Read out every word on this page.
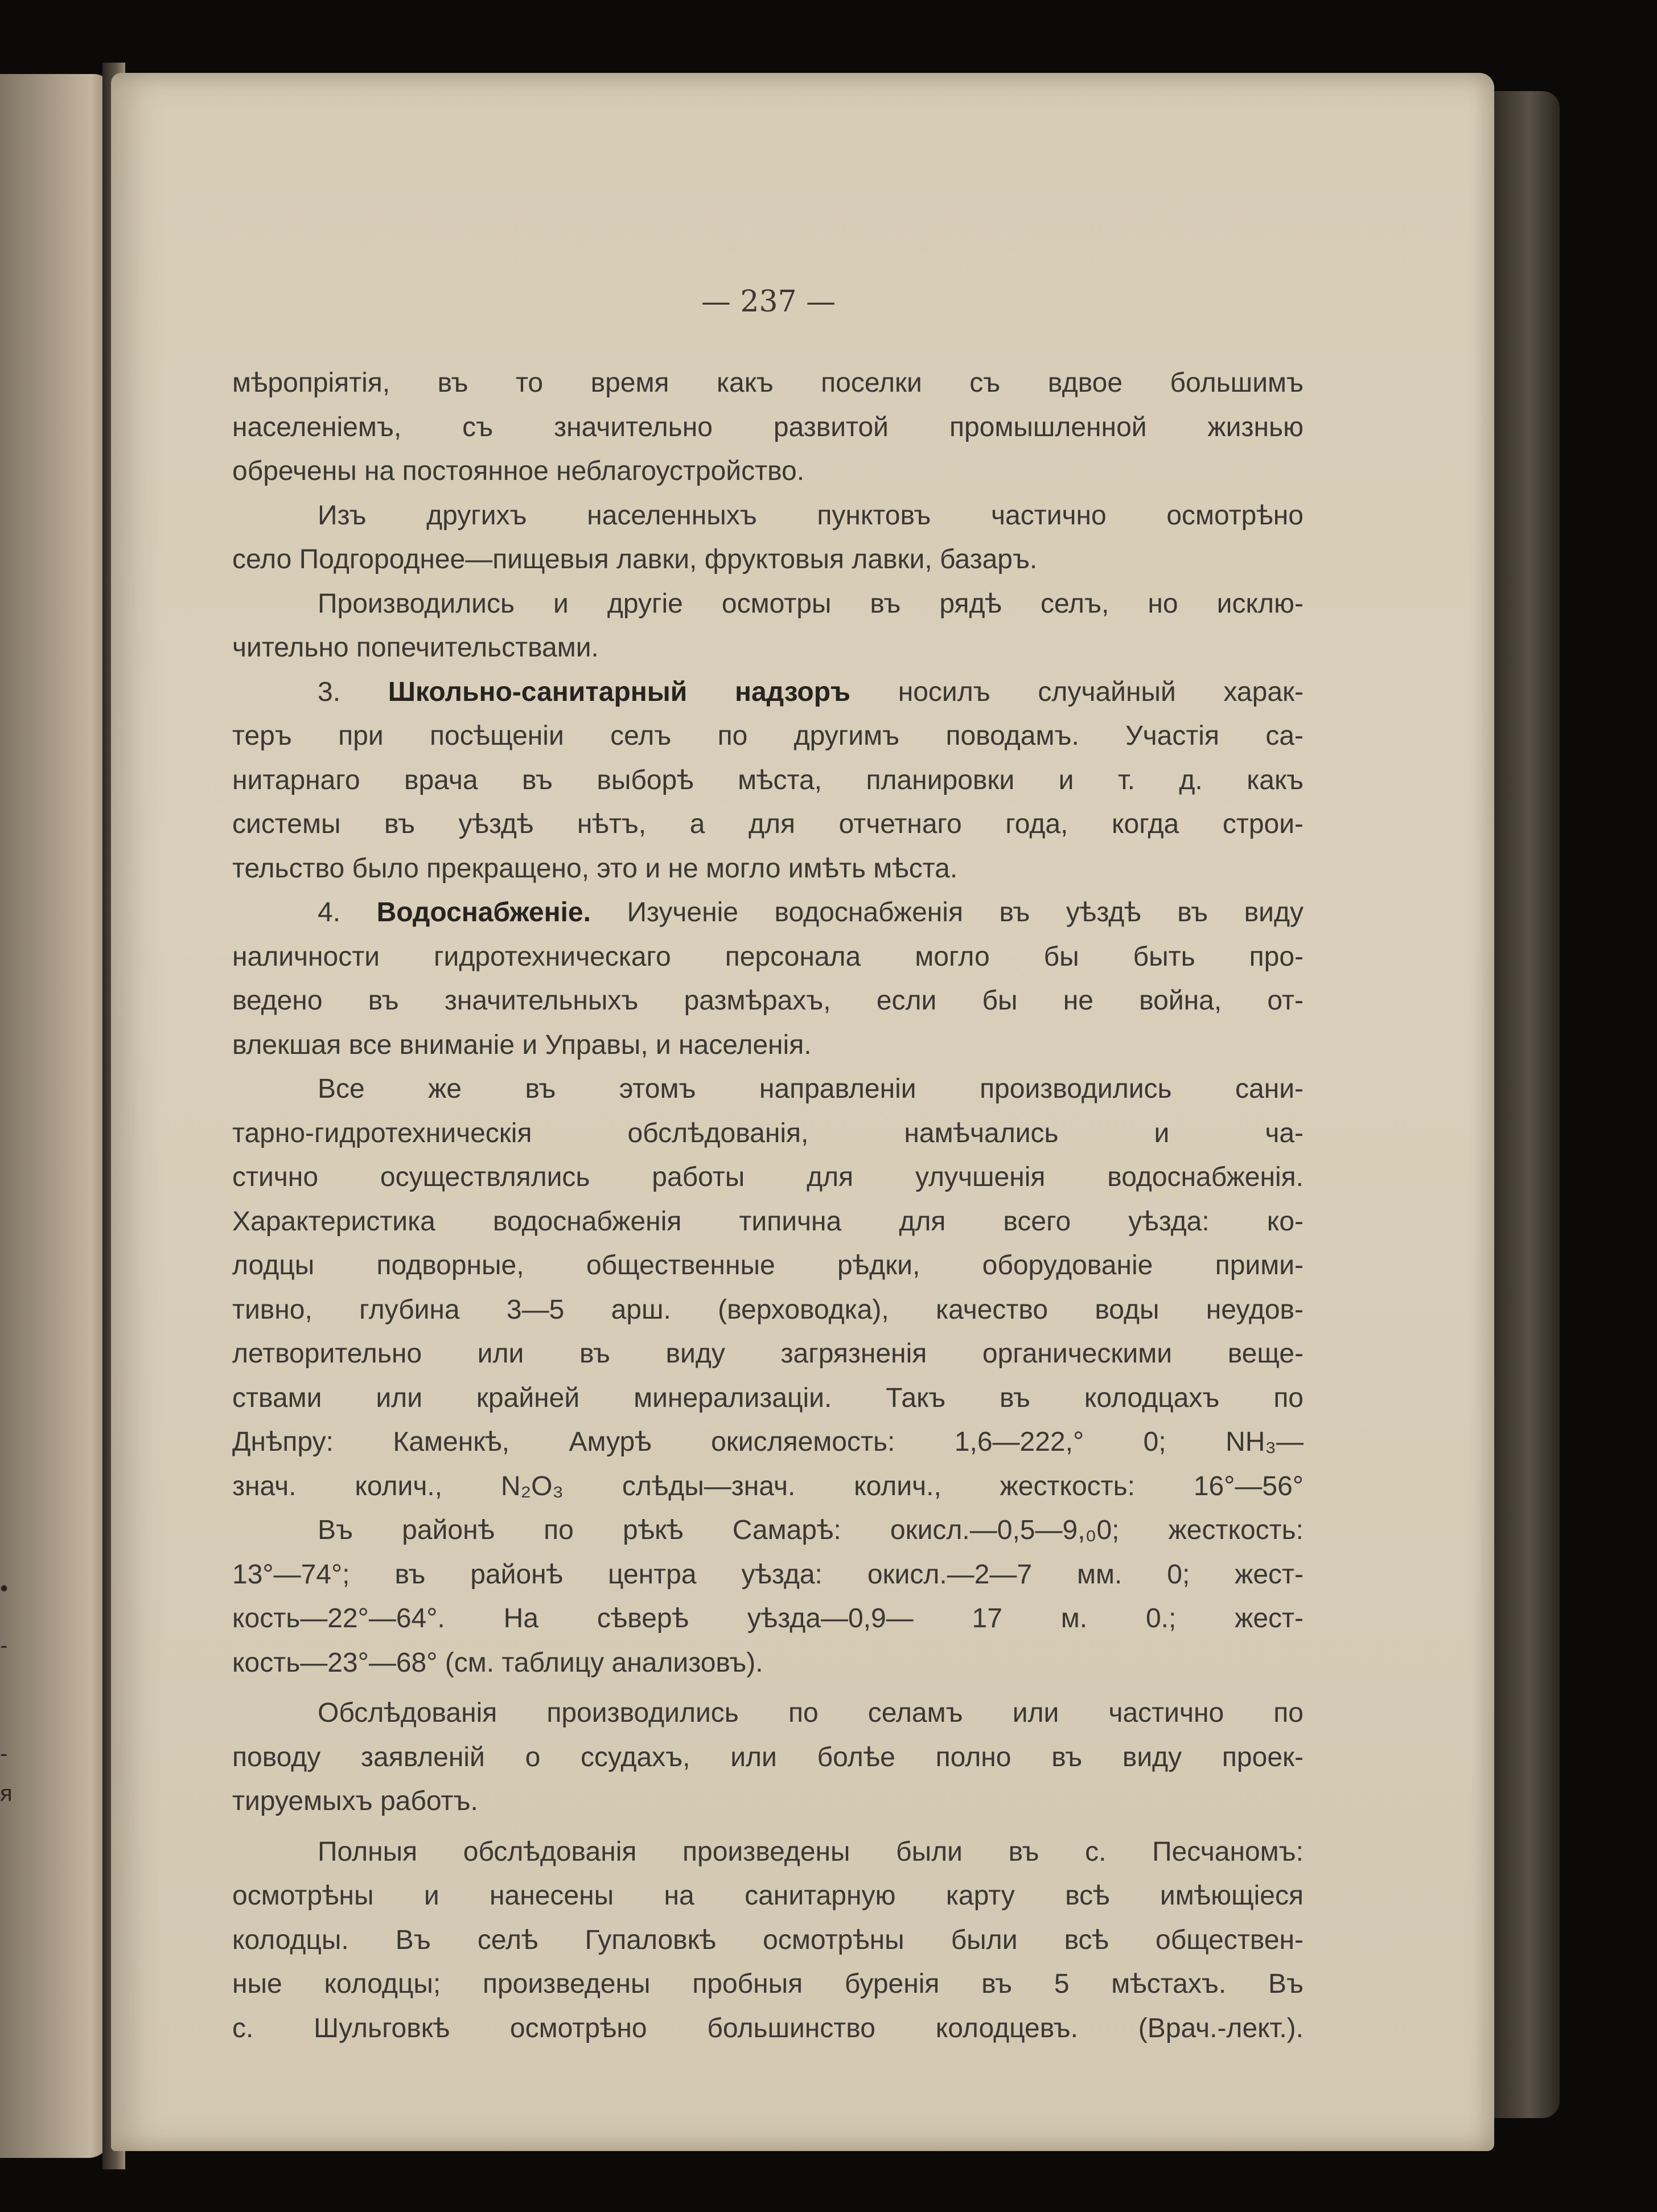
•
-
-
я
— 237 —
мѣропріятія, въ то время какъ поселки съ вдвое большимъ
населеніемъ, съ значительно развитой промышленной жизнью
обречены на постоянное неблагоустройство.
Изъ другихъ населенныхъ пунктовъ частично осмотрѣно
село Подгороднее—пищевыя лавки, фруктовыя лавки, базаръ.
Производились и другіе осмотры въ рядѣ селъ, но исклю-
чительно попечительствами.
3. Школьно-санитарный надзоръ носилъ случайный харак-
теръ при посѣщеніи селъ по другимъ поводамъ. Участія са-
нитарнаго врача въ выборѣ мѣста, планировки и т. д. какъ
системы въ уѣздѣ нѣтъ, а для отчетнаго года, когда строи-
тельство было прекращено, это и не могло имѣть мѣста.
4. Водоснабженіе. Изученіе водоснабженія въ уѣздѣ въ виду
наличности гидротехническаго персонала могло бы быть про-
ведено въ значительныхъ размѣрахъ, если бы не война, от-
влекшая все вниманіе и Управы, и населенія.
Все же въ этомъ направленіи производились сани-
тарно-гидротехническія обслѣдованія, намѣчались и ча-
стично осуществлялись работы для улучшенія водоснабженія.
Характеристика водоснабженія типична для всего уѣзда: ко-
лодцы подворные, общественные рѣдки, оборудованіе прими-
тивно, глубина 3—5 арш. (верховодка), качество воды неудов-
летворительно или въ виду загрязненія органическими веще-
ствами или крайней минерализаціи. Такъ въ колодцахъ по
Днѣпру: Каменкѣ, Амурѣ окисляемость: 1,6—222,° 0; NH₃—
знач. колич., N₂O₃ слѣды—знач. колич., жесткость: 16°—56°
Въ районѣ по рѣкѣ Самарѣ: окисл.—0,5—9,₀0; жесткость:
13°—74°; въ районѣ центра уѣзда: окисл.—2—7 мм. 0; жест-
кость—22°—64°. На сѣверѣ уѣзда—0,9— 17 м. 0.; жест-
кость—23°—68° (см. таблицу анализовъ).
Обслѣдованія производились по селамъ или частично по
поводу заявленій о ссудахъ, или болѣе полно въ виду проек-
тируемыхъ работъ.
Полныя обслѣдованія произведены были въ с. Песчаномъ:
осмотрѣны и нанесены на санитарную карту всѣ имѣющіеся
колодцы. Въ селѣ Гупаловкѣ осмотрѣны были всѣ обществен-
ные колодцы; произведены пробныя буренія въ 5 мѣстахъ. Въ
с. Шульговкѣ осмотрѣно большинство колодцевъ. (Врач.-лект.).
